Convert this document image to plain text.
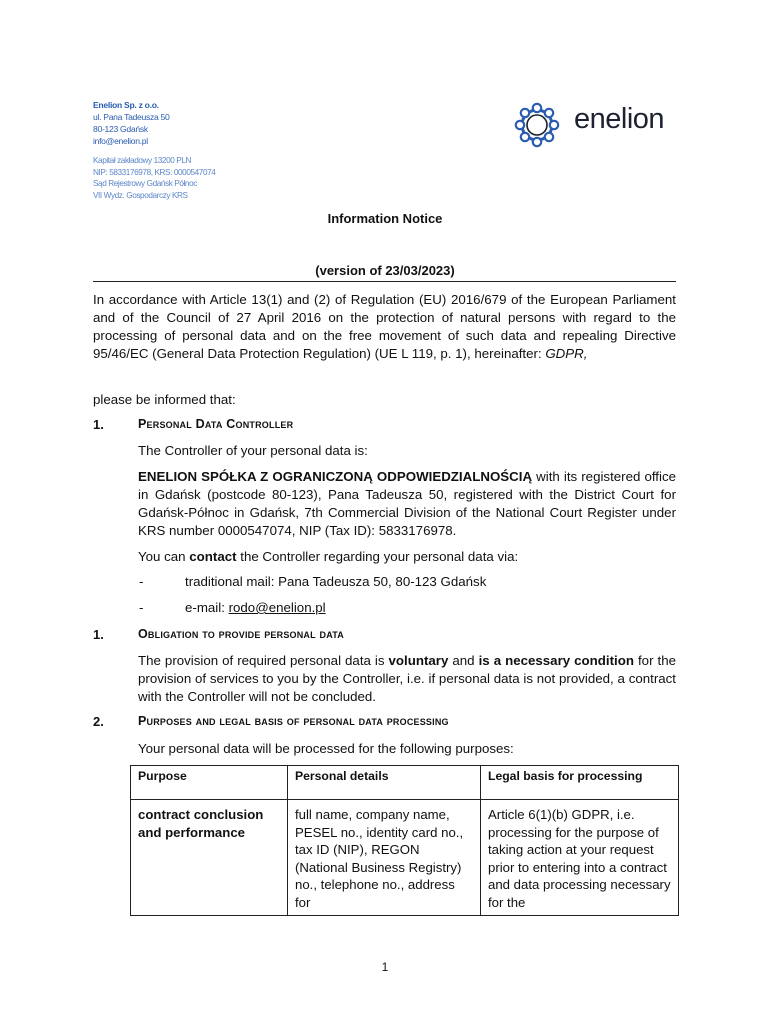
Enelion Sp. z o.o.
ul. Pana Tadeusza 50
80-123 Gdańsk
info@enelion.pl
Kapitał zakładowy 13200 PLN
NIP: 5833176978, KRS: 0000547074
Sąd Rejestrowy Gdańsk Północ
VII Wydz. Gospodarczy KRS
enelion
Information Notice
(version of 23/03/2023)
In accordance with Article 13(1) and (2) of Regulation (EU) 2016/679 of the European Parliament and of the Council of 27 April 2016 on the protection of natural persons with regard to the processing of personal data and on the free movement of such data and repealing Directive 95/46/EC (General Data Protection Regulation) (UE L 119, p. 1), hereinafter: GDPR,
please be informed that:
1.	Personal Data Controller
The Controller of your personal data is:
ENELION SPÓŁKA Z OGRANICZONĄ ODPOWIEDZIALNOŚCIĄ with its registered office in Gdańsk (postcode 80-123), Pana Tadeusza 50, registered with the District Court for Gdańsk-Północ in Gdańsk, 7th Commercial Division of the National Court Register under KRS number 0000547074, NIP (Tax ID): 5833176978.
You can contact the Controller regarding your personal data via:
-	traditional mail: Pana Tadeusza 50, 80-123 Gdańsk
-	e-mail: rodo@enelion.pl
1.	Obligation to provide personal data
The provision of required personal data is voluntary and is a necessary condition for the provision of services to you by the Controller, i.e. if personal data is not provided, a contract with the Controller will not be concluded.
2.	Purposes and legal basis of personal data processing
Your personal data will be processed for the following purposes:
Purpose	Personal details	Legal basis for processing
contract conclusion and performance	full name, company name, PESEL no., identity card no., tax ID (NIP), REGON (National Business Registry) no., telephone no., address for	Article 6(1)(b) GDPR, i.e. processing for the purpose of taking action at your request prior to entering into a contract and data processing necessary for the
1
